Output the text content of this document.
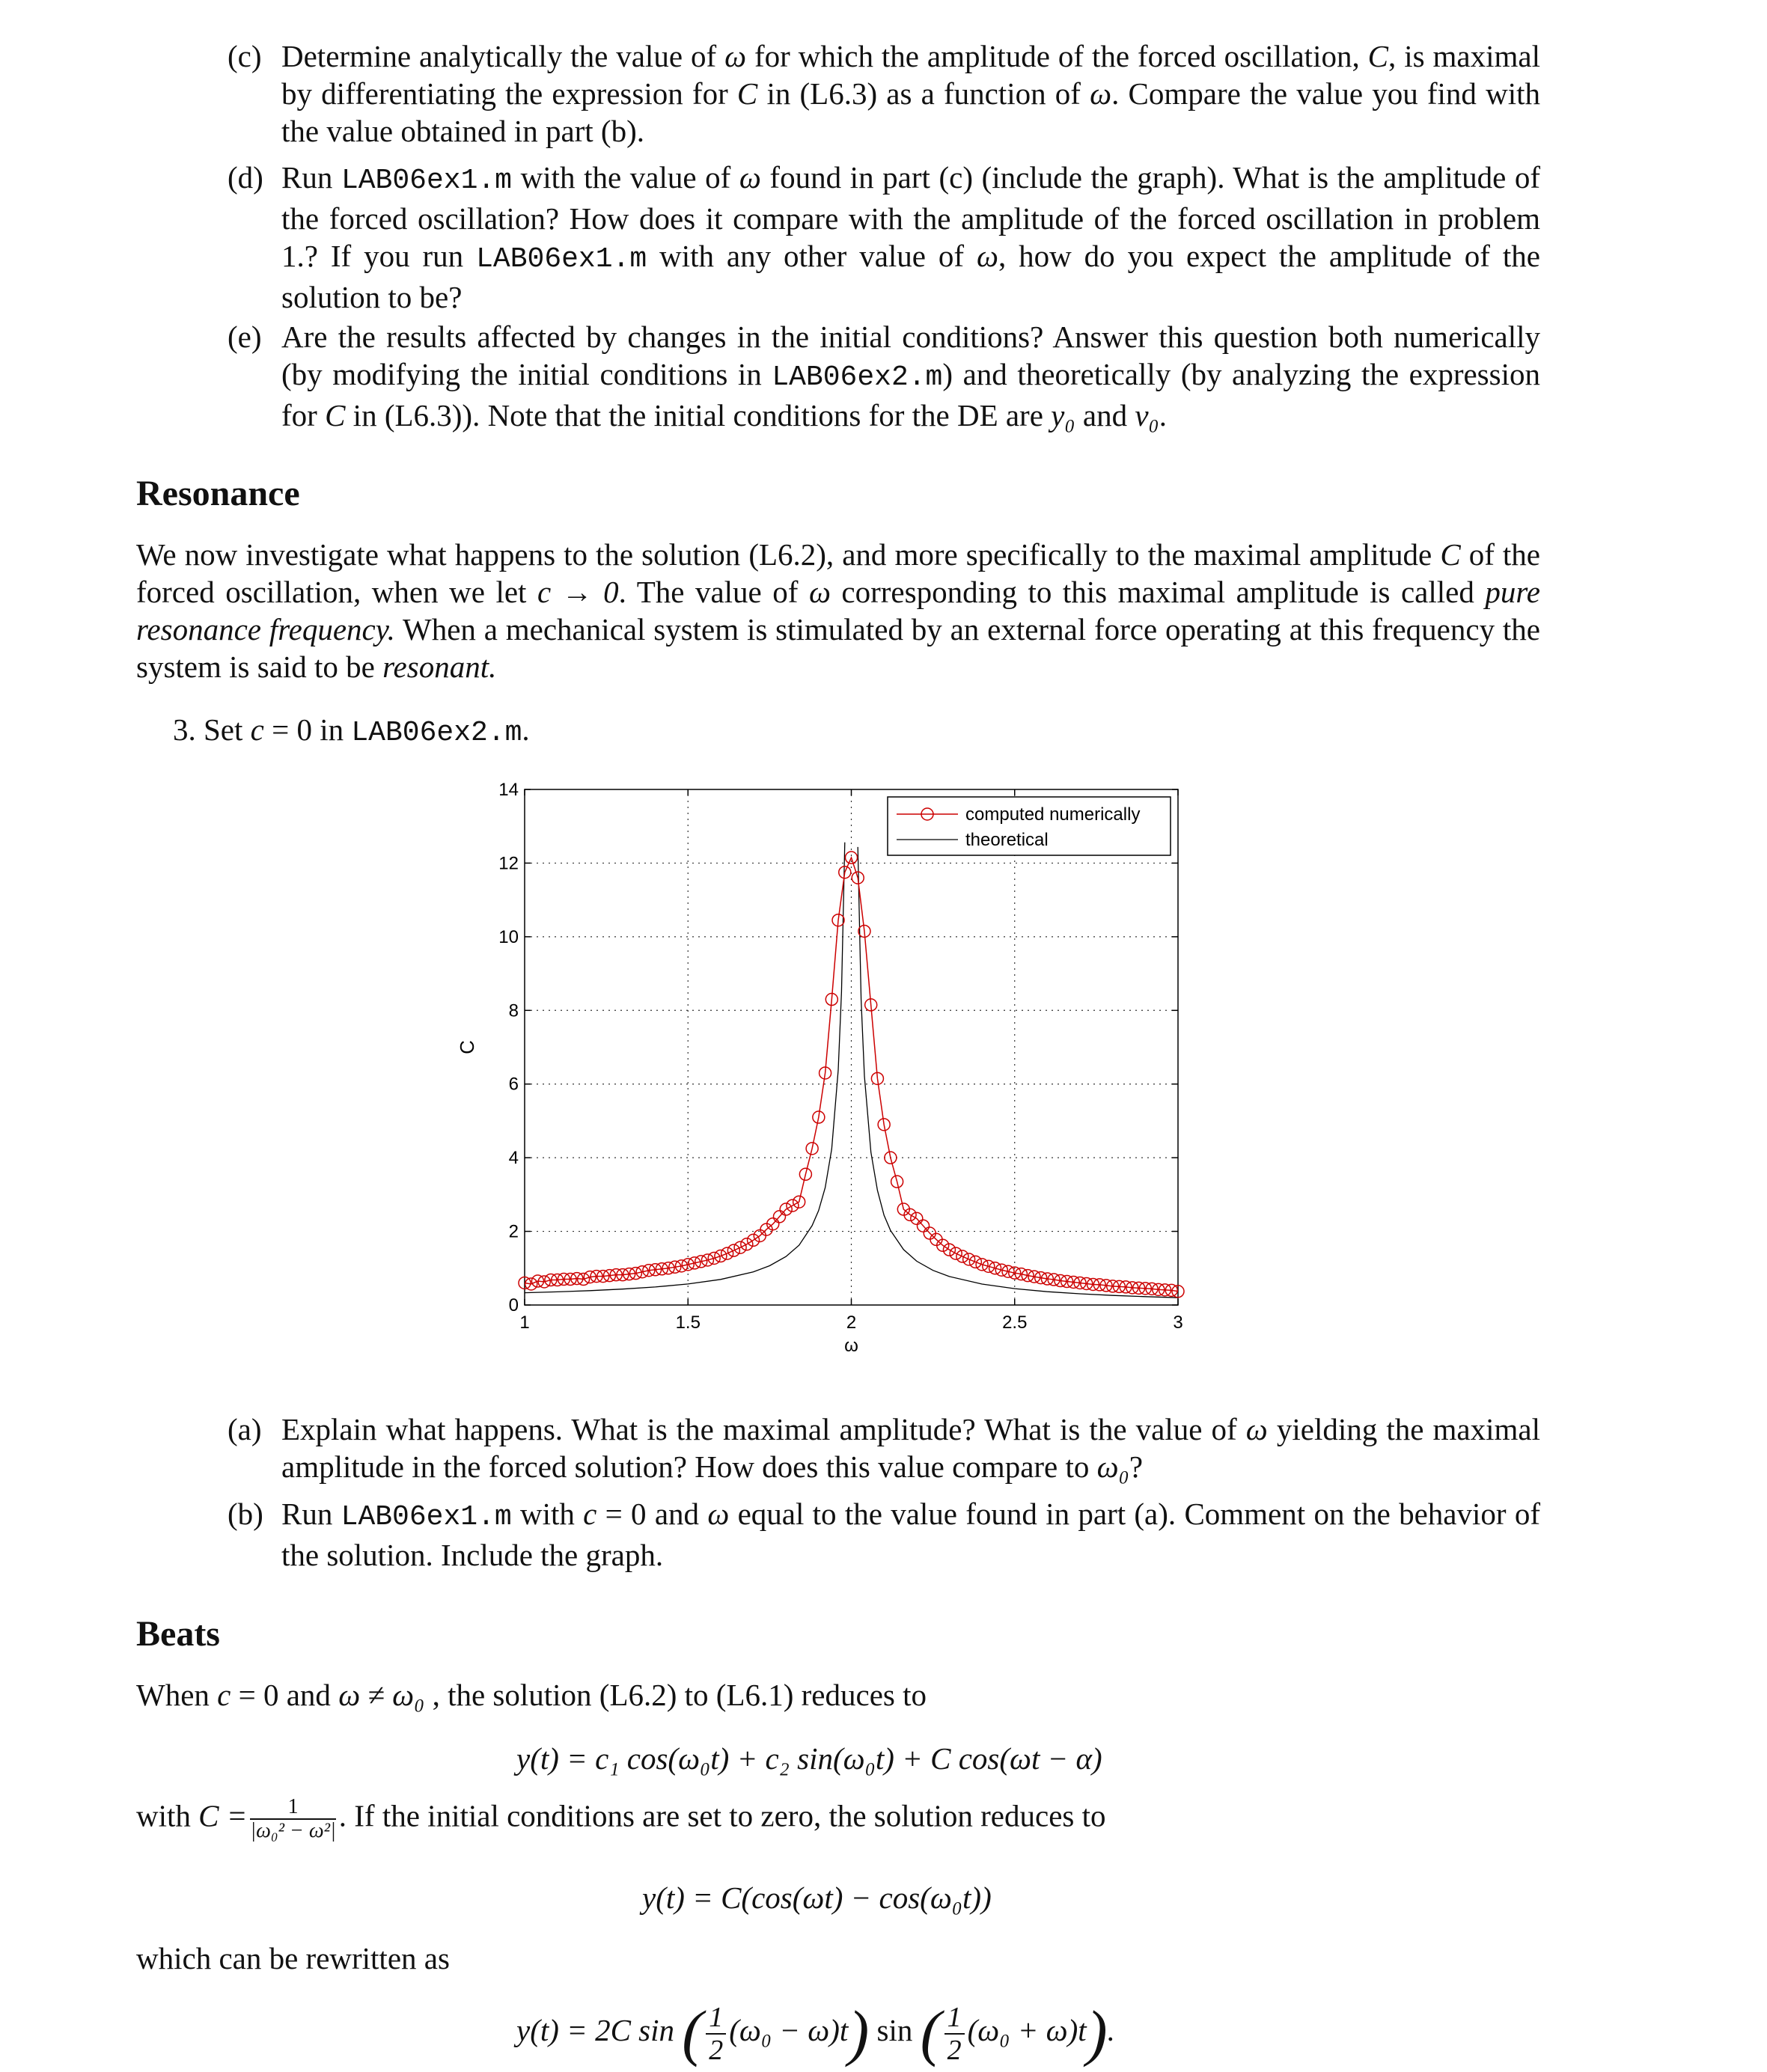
(c) Determine analytically the value of ω for which the amplitude of the forced oscillation, C, is maximal by differentiating the expression for C in (L6.3) as a function of ω. Compare the value you find with the value obtained in part (b).
(d) Run LAB06ex1.m with the value of ω found in part (c) (include the graph). What is the amplitude of the forced oscillation? How does it compare with the amplitude of the forced oscillation in problem 1.? If you run LAB06ex1.m with any other value of ω, how do you expect the amplitude of the solution to be?
(e) Are the results affected by changes in the initial conditions? Answer this question both numerically (by modifying the initial conditions in LAB06ex2.m) and theoretically (by analyzing the expression for C in (L6.3)). Note that the initial conditions for the DE are y₀ and v₀.
Resonance
We now investigate what happens to the solution (L6.2), and more specifically to the maximal amplitude C of the forced oscillation, when we let c → 0. The value of ω corresponding to this maximal amplitude is called pure resonance frequency. When a mechanical system is stimulated by an external force operating at this frequency the system is said to be resonant.
3. Set c = 0 in LAB06ex2.m.
1	1.5	2	2.5	3
0
2
4
6
8
10
12
14
ω
C
computed numerically
theoretical
(a) Explain what happens. What is the maximal amplitude? What is the value of ω yielding the maximal amplitude in the forced solution? How does this value compare to ω₀?
(b) Run LAB06ex1.m with c = 0 and ω equal to the value found in part (a). Comment on the behavior of the solution. Include the graph.
Beats
When c = 0 and ω ≠ ω₀ , the solution (L6.2) to (L6.1) reduces to
y(t) = c₁ cos(ω₀t) + c₂ sin(ω₀t) + C cos(ωt − α)
with $C = \frac{1}{\text{|ω₀² − ω²|}}$ . If the initial conditions are set to zero, the solution reduces to
y(t) = C(cos(ωt) − cos(ω₀t))
which can be rewritten as
y(t) = 2C sin ( $\frac{1}{2}(\omega_0 - \omega)t$) sin ( $\frac{1}{2}(\omega_0 + \omega)t$).
